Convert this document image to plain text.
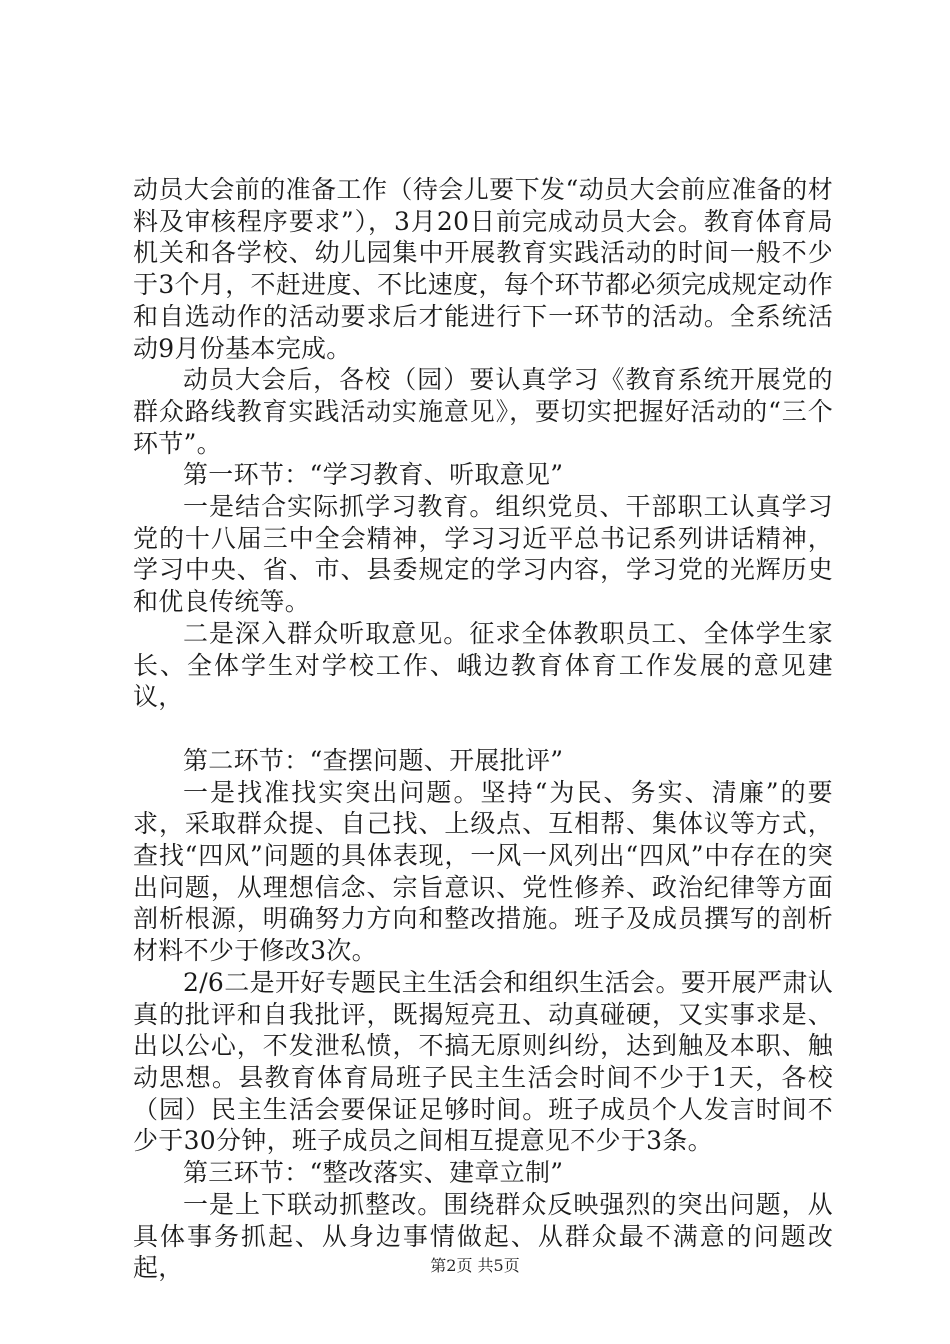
动员大会前的准备工作（待会儿要下发“动员大会前应准备的材料及审核程序要求”），3月20日前完成动员大会。教育体育局机关和各学校、幼儿园集中开展教育实践活动的时间一般不少于3个月，不赶进度、不比速度，每个环节都必须完成规定动作和自选动作的活动要求后才能进行下一环节的活动。全系统活动9月份基本完成。

动员大会后，各校（园）要认真学习《教育系统开展党的群众路线教育实践活动实施意见》，要切实把握好活动的“三个环节”。

第一环节：“学习教育、听取意见”

一是结合实际抓学习教育。组织党员、干部职工认真学习党的十八届三中全会精神，学习习近平总书记系列讲话精神，学习中央、省、市、县委规定的学习内容，学习党的光辉历史和优良传统等。

二是深入群众听取意见。征求全体教职员工、全体学生家长、全体学生对学校工作、峨边教育体育工作发展的意见建议，

第二环节：“查摆问题、开展批评”

一是找准找实突出问题。坚持“为民、务实、清廉”的要求，采取群众提、自己找、上级点、互相帮、集体议等方式，查找“四风”问题的具体表现，一风一风列出“四风”中存在的突出问题，从理想信念、宗旨意识、党性修养、政治纪律等方面剖析根源，明确努力方向和整改措施。班子及成员撰写的剖析材料不少于修改3次。

2/6二是开好专题民主生活会和组织生活会。要开展严肃认真的批评和自我批评，既揭短亮丑、动真碰硬，又实事求是、出以公心，不发泄私愤，不搞无原则纠纷，达到触及本职、触动思想。县教育体育局班子民主生活会时间不少于1天，各校（园）民主生活会要保证足够时间。班子成员个人发言时间不少于30分钟，班子成员之间相互提意见不少于3条。

第三环节：“整改落实、建章立制”

一是上下联动抓整改。围绕群众反映强烈的突出问题，从具体事务抓起、从身边事情做起、从群众最不满意的问题改起，	第2页 共5页
